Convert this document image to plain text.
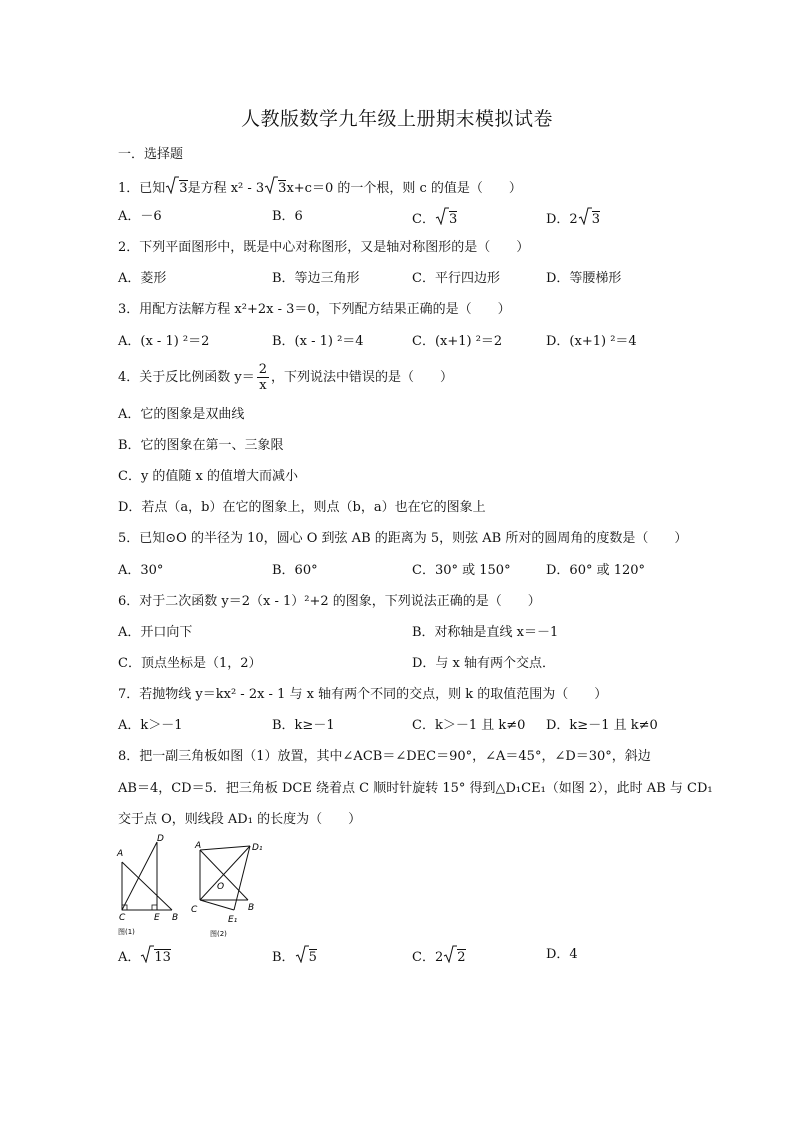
人教版数学九年级上册期末模拟试卷
一．选择题
1．已知 3是方程 x² - 3 3x+c＝0 的一个根，则 c 的值是（　　）
A．－6	B．6	C． 3	D．2 3
2．下列平面图形中，既是中心对称图形，又是轴对称图形的是（　　）
A．菱形	B．等边三角形	C．平行四边形	D．等腰梯形
3．用配方法解方程 x²+2x - 3＝0，下列配方结果正确的是（　　）
A．(x - 1) ²＝2	B．(x - 1) ²＝4	C．(x+1) ²＝2	D．(x+1) ²＝4
4．关于反比例函数 $y= \frac{2}{x}$ ，下列说法中错误的是（　　）
A．它的图象是双曲线
B．它的图象在第一、三象限
C．y 的值随 x 的值增大而减小
D．若点（a，b）在它的图象上，则点（b，a）也在它的图象上
5．已知⊙O 的半径为 10，圆心 O 到弦 AB 的距离为 5，则弦 AB 所对的圆周角的度数是（　　）
A．30°	B．60°	C．30° 或 150°	D．60° 或 120°
6．对于二次函数 y＝2（x - 1）²+2 的图象，下列说法正确的是（　　）
A．开口向下	B．对称轴是直线 x＝－1
C．顶点坐标是（1，2）	D．与 x 轴有两个交点．
7．若抛物线 y＝kx² - 2x - 1 与 x 轴有两个不同的交点，则 k 的取值范围为（　　）
A．k＞－1	B．k≥－1	C．k＞－1 且 k≠0 D．k≥－1 且 k≠0
8．把一副三角板如图（1）放置，其中∠ACB＝∠DEC＝90°，∠A＝45°，∠D＝30°，斜边
AB＝4，CD＝5．把三角板 DCE 绕着点 C 顺时针旋转 15° 得到△D₁CE₁（如图 2），此时 AB 与 CD₁
交于点 O，则线段 AD₁ 的长度为（　　）
A
D
C	E B
图(1)
A	D₁
O
C	B
E₁
图(2)
A． 13	B． 5	C．2 2	D．4
